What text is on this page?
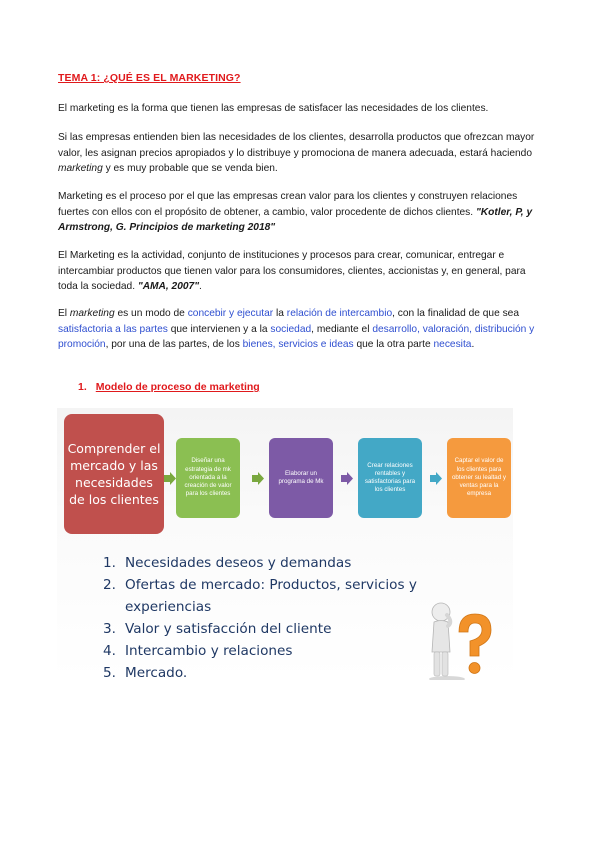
TEMA 1: ¿QUÉ ES EL MARKETING?

El marketing es la forma que tienen las empresas de satisfacer las necesidades de los clientes.

Si las empresas entienden bien las necesidades de los clientes, desarrolla productos que ofrezcan mayor valor, les asignan precios apropiados y lo distribuye y promociona de manera adecuada, estará haciendo marketing y es muy probable que se venda bien.

Marketing es el proceso por el que las empresas crean valor para los clientes y construyen relaciones fuertes con ellos con el propósito de obtener, a cambio, valor procedente de dichos clientes. "Kotler, P, y Armstrong, G. Principios de marketing 2018"

El Marketing es la actividad, conjunto de instituciones y procesos para crear, comunicar, entregar e intercambiar productos que tienen valor para los consumidores, clientes, accionistas y, en general, para toda la sociedad. "AMA, 2007".

El marketing es un modo de concebir y ejecutar la relación de intercambio, con la finalidad de que sea satisfactoria a las partes que intervienen y a la sociedad, mediante el desarrollo, valoración, distribución y promoción, por una de las partes, de los bienes, servicios e ideas que la otra parte necesita.

1. Modelo de proceso de marketing
Comprender el mercado y las necesidades de los clientes
Diseñar una estrategia de mk orientada a la creación de valor para los clientes
Elaborar un programa de Mk
Crear relaciones rentables y satisfactorias para los clientes
Captar el valor de los clientes para obtener su lealtad y ventas para la empresa
1. Necesidades deseos y demandas
2. Ofertas de mercado: Productos, servicios y
experiencias
3. Valor y satisfacción del cliente
4. Intercambio y relaciones
5. Mercado.
